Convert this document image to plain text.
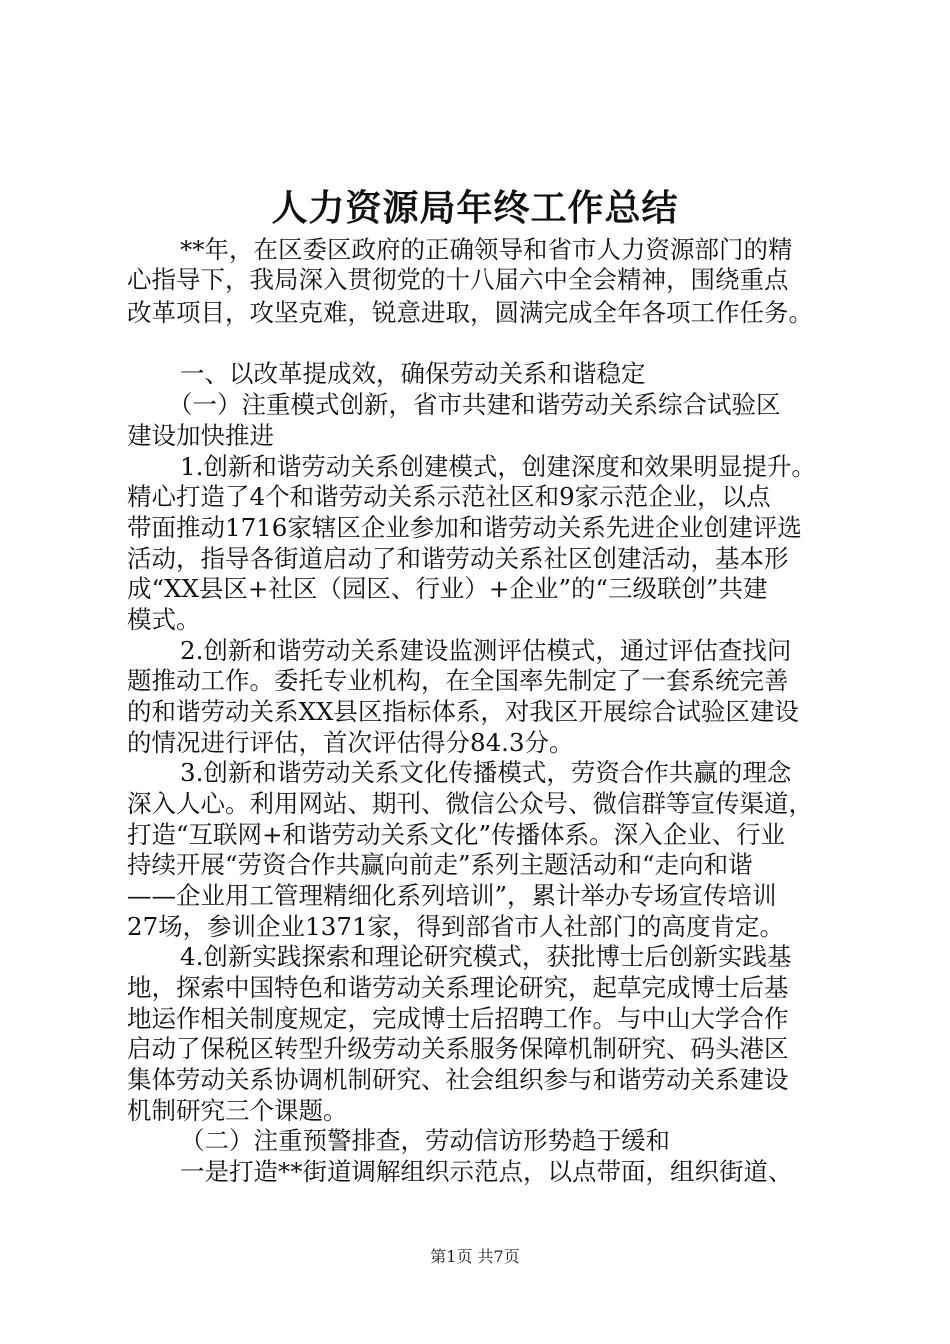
人力资源局年终工作总结

**年，在区委区政府的正确领导和省市人力资源部门的精

心指导下，我局深入贯彻党的十八届六中全会精神，围绕重点

改革项目，攻坚克难，锐意进取，圆满完成全年各项工作任务。

一、以改革提成效，确保劳动关系和谐稳定

（一）注重模式创新，省市共建和谐劳动关系综合试验区

建设加快推进

1.创新和谐劳动关系创建模式，创建深度和效果明显提升。

精心打造了4个和谐劳动关系示范社区和9家示范企业，以点

带面推动1716家辖区企业参加和谐劳动关系先进企业创建评选

活动，指导各街道启动了和谐劳动关系社区创建活动，基本形

成“XX县区+社区（园区、行业）+企业”的“三级联创”共建

模式。

2.创新和谐劳动关系建设监测评估模式，通过评估查找问

题推动工作。委托专业机构，在全国率先制定了一套系统完善

的和谐劳动关系XX县区指标体系，对我区开展综合试验区建设

的情况进行评估，首次评估得分84.3分。

3.创新和谐劳动关系文化传播模式，劳资合作共赢的理念

深入人心。利用网站、期刊、微信公众号、微信群等宣传渠道，

打造“互联网+和谐劳动关系文化”传播体系。深入企业、行业

持续开展“劳资合作共赢向前走”系列主题活动和“走向和谐

——企业用工管理精细化系列培训”，累计举办专场宣传培训

27场，参训企业1371家，得到部省市人社部门的高度肯定。

4.创新实践探索和理论研究模式，获批博士后创新实践基

地，探索中国特色和谐劳动关系理论研究，起草完成博士后基

地运作相关制度规定，完成博士后招聘工作。与中山大学合作

启动了保税区转型升级劳动关系服务保障机制研究、码头港区

集体劳动关系协调机制研究、社会组织参与和谐劳动关系建设

机制研究三个课题。

（二）注重预警排查，劳动信访形势趋于缓和

一是打造**街道调解组织示范点，以点带面，组织街道、

第1页 共7页
